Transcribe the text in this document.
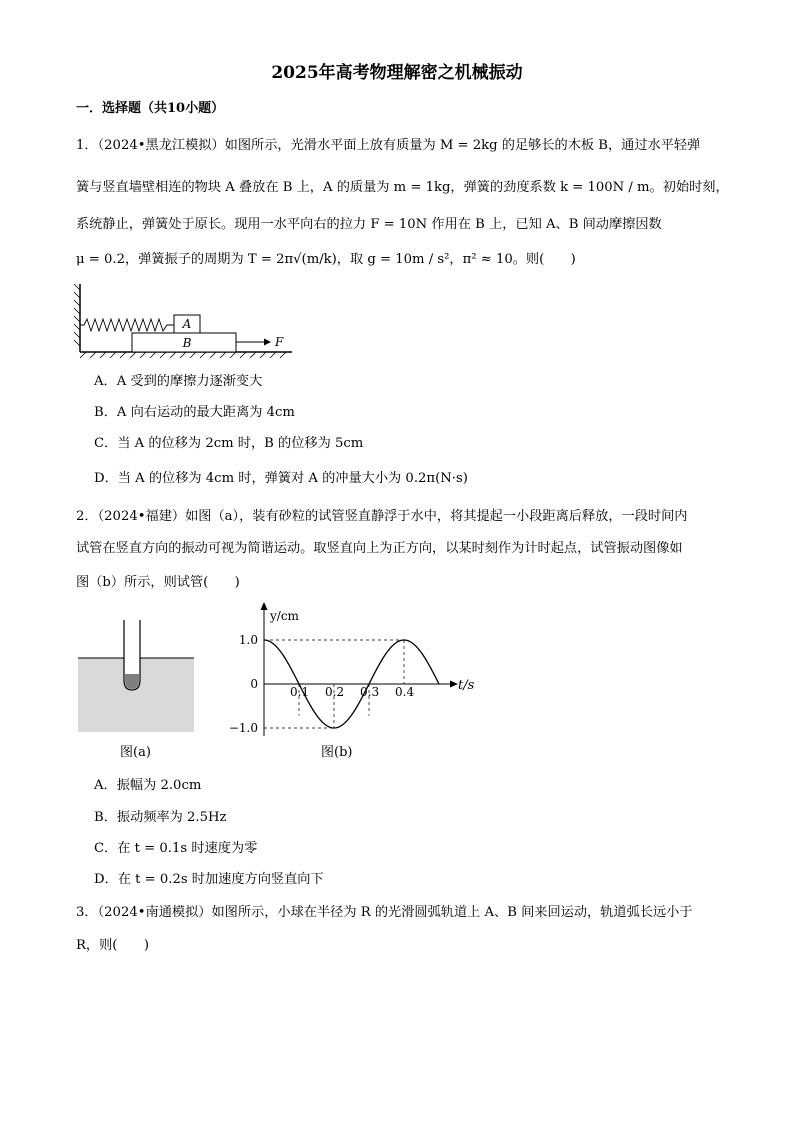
2025年高考物理解密之机械振动
一．选择题（共10小题）
1．（2024•黑龙江模拟）如图所示，光滑水平面上放有质量为 M = 2kg 的足够长的木板 B，通过水平轻弹
簧与竖直墙壁相连的物块 A 叠放在 B 上，A 的质量为 m = 1kg，弹簧的劲度系数 k = 100N / m。初始时刻，
系统静止，弹簧处于原长。现用一水平向右的拉力 F = 10N 作用在 B 上，已知 A、B 间动摩擦因数
μ = 0.2，弹簧振子的周期为 T = 2π√(m/k)，取 g = 10m / s²，π² ≈ 10。则(　　)
A
B	F
A．A 受到的摩擦力逐渐变大
B．A 向右运动的最大距离为 4cm
C．当 A 的位移为 2cm 时，B 的位移为 5cm
D．当 A 的位移为 4cm 时，弹簧对 A 的冲量大小为 0.2π(N·s)
2．（2024•福建）如图（a），装有砂粒的试管竖直静浮于水中，将其提起一小段距离后释放，一段时间内
试管在竖直方向的振动可视为简谐运动。取竖直向上为正方向，以某时刻作为计时起点，试管振动图像如
图（b）所示，则试管(　　)
图(a)
y/cm
t/s
0.1 0.2 0.3 0.4
1.0
0
−1.0
图(b)
A．振幅为 2.0cm
B．振动频率为 2.5Hz
C．在 t = 0.1s 时速度为零
D．在 t = 0.2s 时加速度方向竖直向下
3．（2024•南通模拟）如图所示，小球在半径为 R 的光滑圆弧轨道上 A、B 间来回运动，轨道弧长远小于
R，则(　　)
